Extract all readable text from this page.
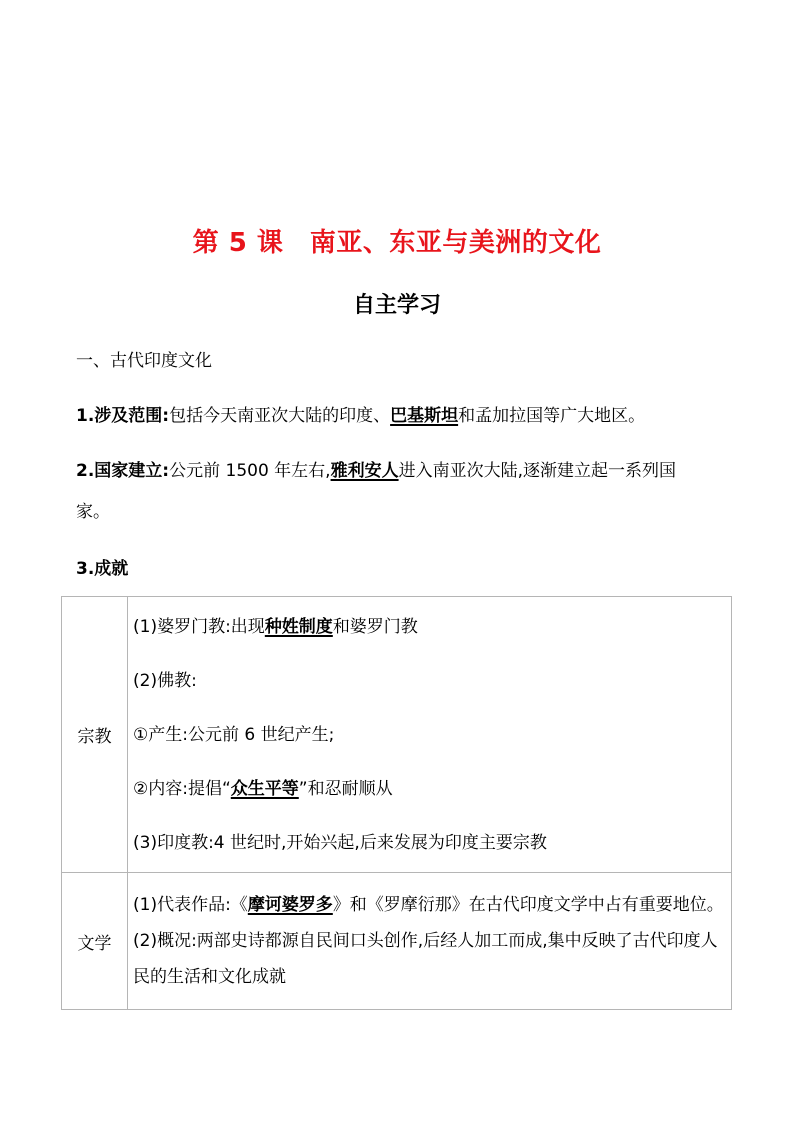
第 5 课　南亚、东亚与美洲的文化
自主学习
一、古代印度文化
1.涉及范围:包括今天南亚次大陆的印度、巴基斯坦和孟加拉国等广大地区。
2.国家建立:公元前 1500 年左右,雅利安人进入南亚次大陆,逐渐建立起一系列国
家。
3.成就
宗教	(1)婆罗门教:出现种姓制度和婆罗门教
(2)佛教:
①产生:公元前 6 世纪产生;
②内容:提倡“众生平等”和忍耐顺从
(3)印度教:4 世纪时,开始兴起,后来发展为印度主要宗教

文学	(1)代表作品:《摩诃婆罗多》和《罗摩衍那》在古代印度文学中占有重要地位。(2)概况:两部史诗都源自民间口头创作,后经人加工而成,集中反映了古代印度人民的生活和文化成就
